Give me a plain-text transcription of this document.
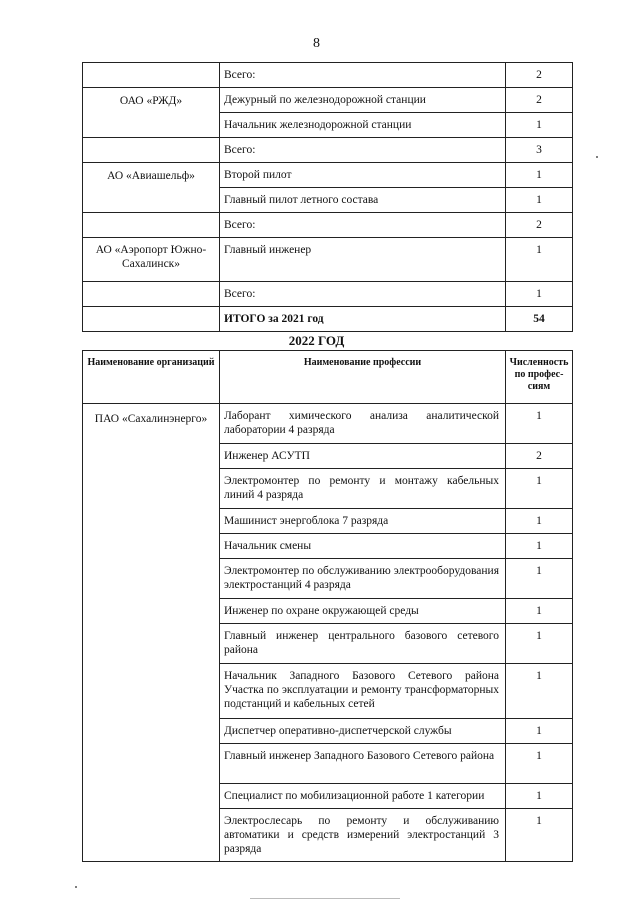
8
	Всего:	2

ОАО «РЖД»	Дежурный по железнодорожной станции	2
	Начальник железнодорожной станции	1
	Всего:	3

АО «Авиашельф»	Второй пилот	1
	Главный пилот летного состава	1
	Всего:	2

АО «Аэропорт Южно-Сахалинск»	Главный инженер	1
	Всего:	1
	ИТОГО за 2021 год	54
2022 ГОД
Наименование организаций	Наименование профессии	Численность по профес-сиям

ПАО «Сахалинэнерго»	Лаборант химического анализа аналитической лаборатории 4 разряда	1
	Инженер АСУТП	2
	Электромонтер по ремонту и монтажу кабельных линий 4 разряда	1
	Машинист энергоблока 7 разряда	1
	Начальник смены	1
	Электромонтер по обслуживанию электрооборудования электростанций 4 разряда	1
	Инженер по охране окружающей среды	1
	Главный инженер центрального базового сетевого района	1
	Начальник Западного Базового Сетевого района Участка по эксплуатации и ремонту трансформаторных подстанций и кабельных сетей	1
	Диспетчер оперативно-диспетчерской службы	1
	Главный инженер Западного Базового Сетевого района	1
	Специалист по мобилизационной работе 1 категории	1
	Электрослесарь по ремонту и обслуживанию автоматики и средств измерений электростанций 3 разряда	1
